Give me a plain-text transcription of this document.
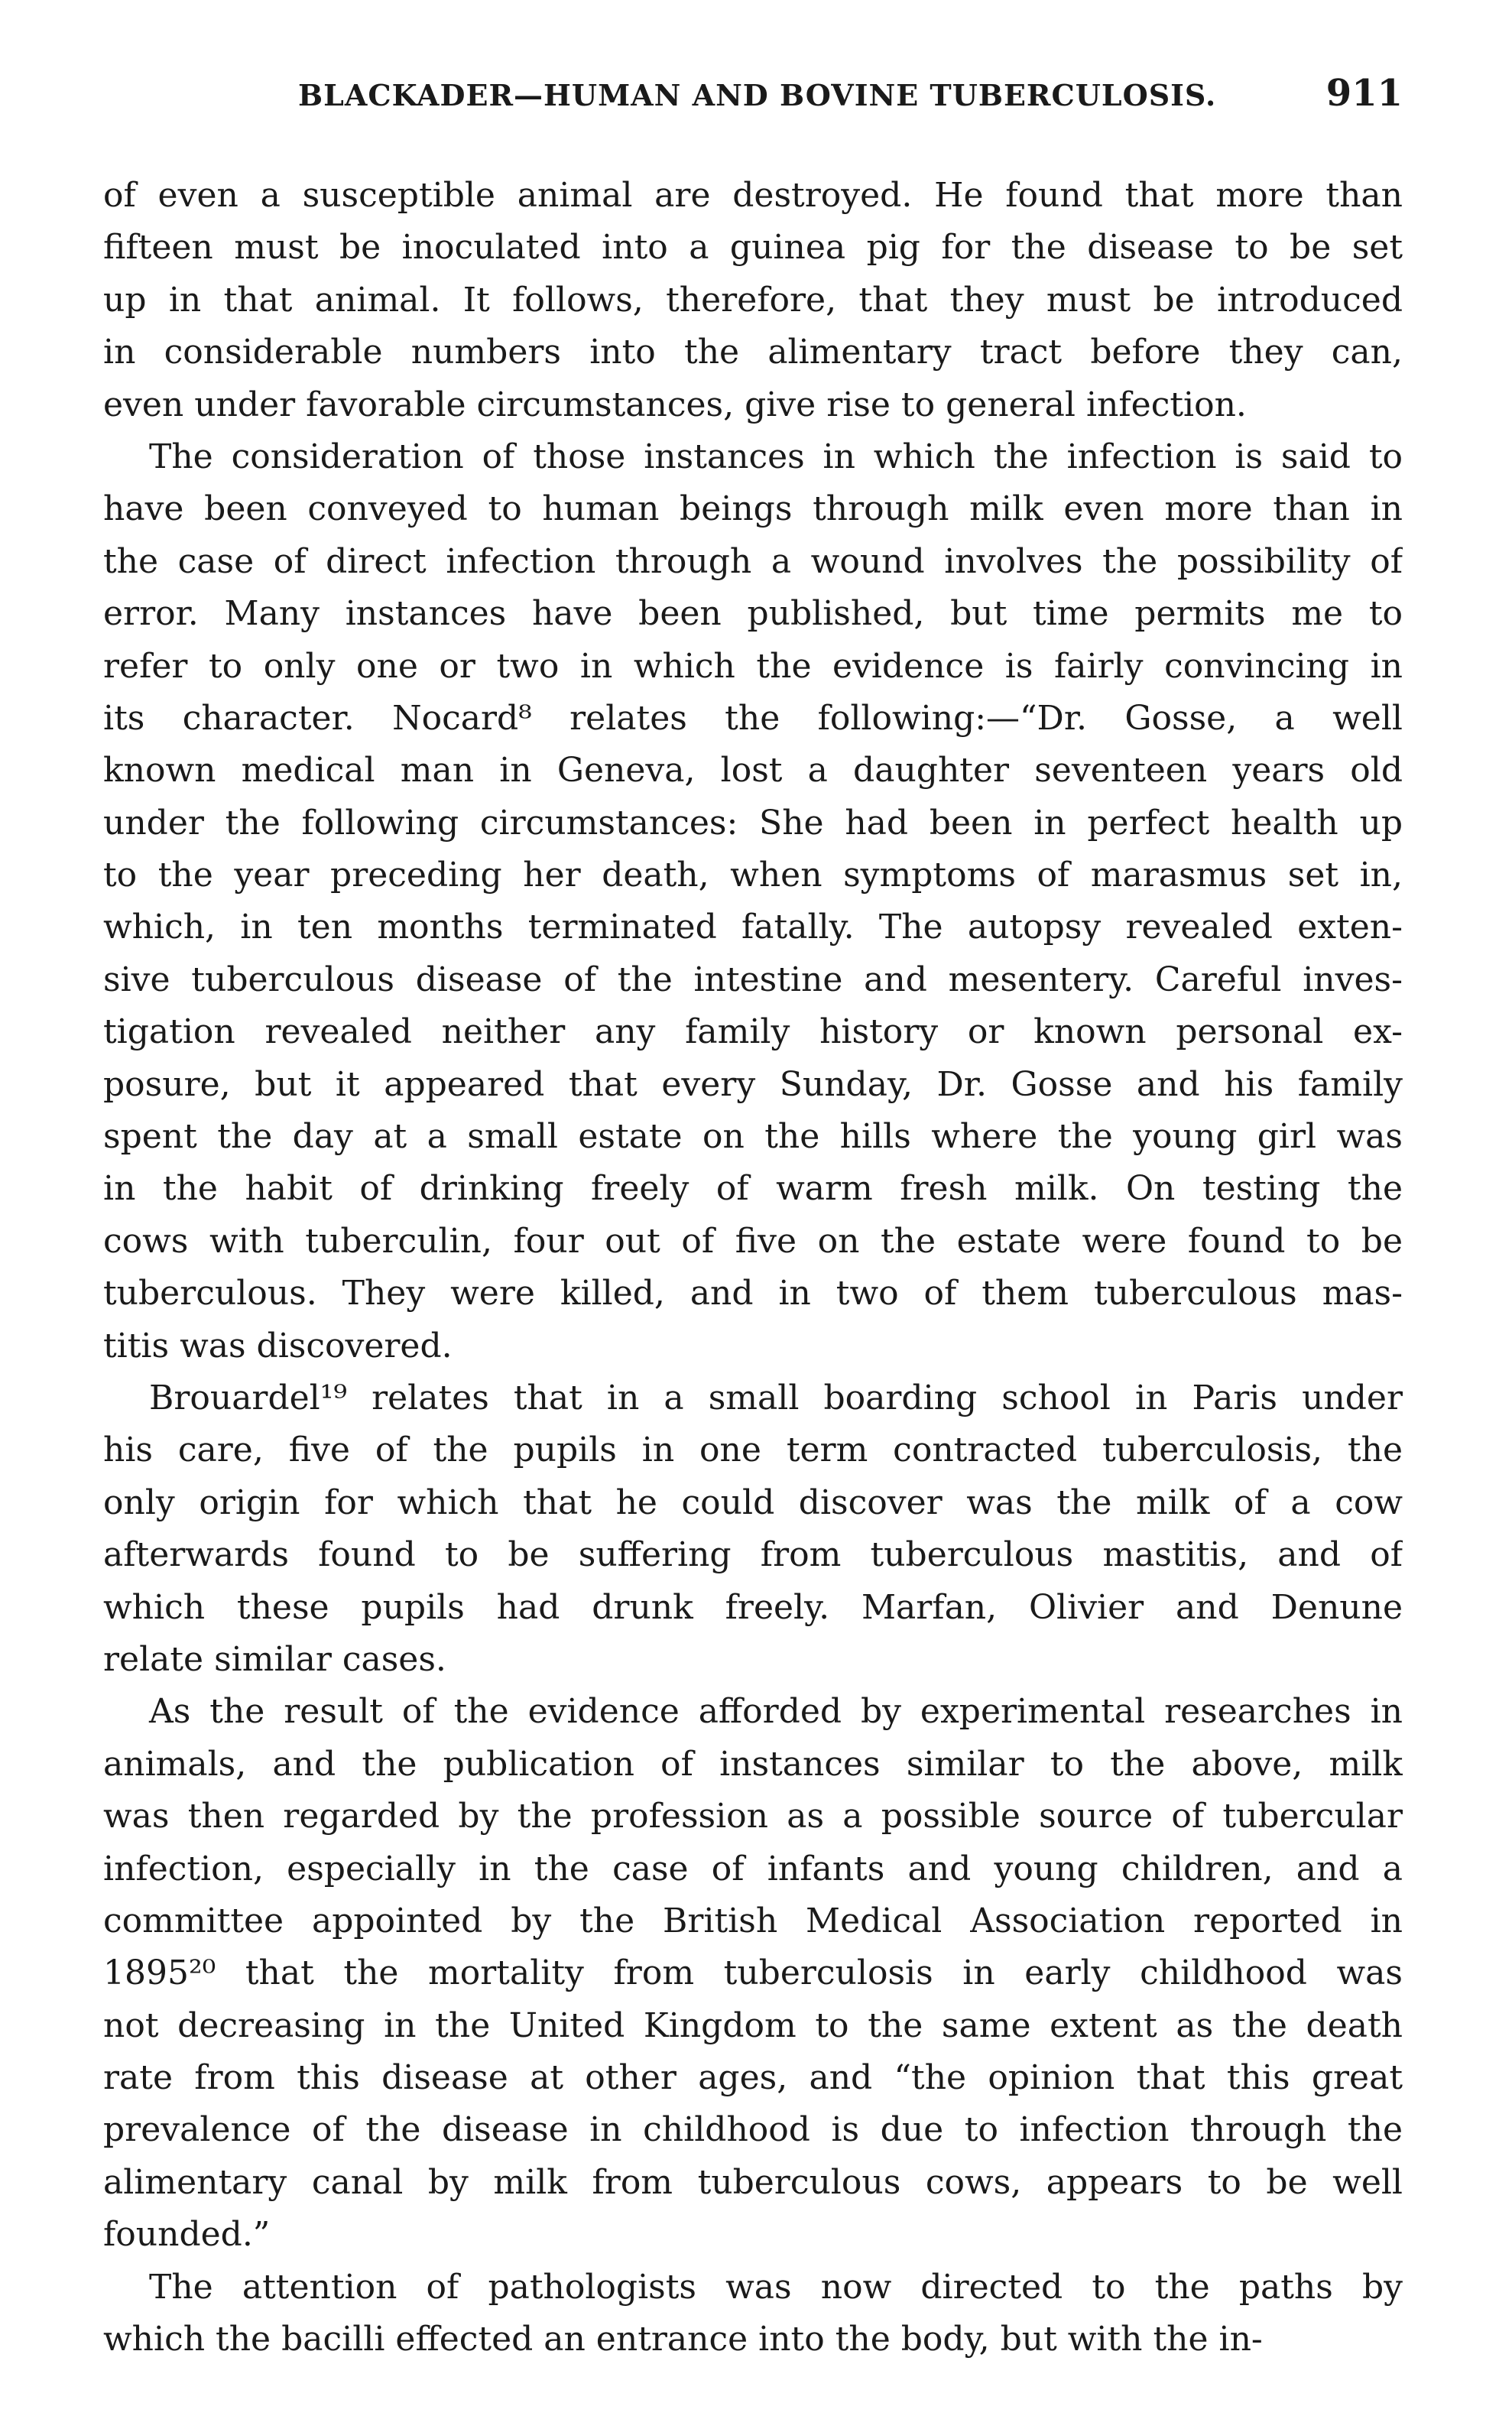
BLACKADER—HUMAN AND BOVINE TUBERCULOSIS.	911
of even a susceptible animal are destroyed. He found that more than
fifteen must be inoculated into a guinea pig for the disease to be set
up in that animal. It follows, therefore, that they must be introduced
in considerable numbers into the alimentary tract before they can,
even under favorable circumstances, give rise to general infection.
The consideration of those instances in which the infection is said to
have been conveyed to human beings through milk even more than in
the case of direct infection through a wound involves the possibility of
error. Many instances have been published, but time permits me to
refer to only one or two in which the evidence is fairly convincing in
its character. Nocard⁸ relates the following:—“Dr. Gosse, a well
known medical man in Geneva, lost a daughter seventeen years old
under the following circumstances: She had been in perfect health up
to the year preceding her death, when symptoms of marasmus set in,
which, in ten months terminated fatally. The autopsy revealed exten-
sive tuberculous disease of the intestine and mesentery. Careful inves-
tigation revealed neither any family history or known personal ex-
posure, but it appeared that every Sunday, Dr. Gosse and his family
spent the day at a small estate on the hills where the young girl was
in the habit of drinking freely of warm fresh milk. On testing the
cows with tuberculin, four out of five on the estate were found to be
tuberculous. They were killed, and in two of them tuberculous mas-
titis was discovered.
Brouardel¹⁹ relates that in a small boarding school in Paris under
his care, five of the pupils in one term contracted tuberculosis, the
only origin for which that he could discover was the milk of a cow
afterwards found to be suffering from tuberculous mastitis, and of
which these pupils had drunk freely. Marfan, Olivier and Denune
relate similar cases.
As the result of the evidence afforded by experimental researches in
animals, and the publication of instances similar to the above, milk
was then regarded by the profession as a possible source of tubercular
infection, especially in the case of infants and young children, and a
committee appointed by the British Medical Association reported in
1895²⁰ that the mortality from tuberculosis in early childhood was
not decreasing in the United Kingdom to the same extent as the death
rate from this disease at other ages, and “the opinion that this great
prevalence of the disease in childhood is due to infection through the
alimentary canal by milk from tuberculous cows, appears to be well
founded.”
The attention of pathologists was now directed to the paths by
which the bacilli effected an entrance into the body, but with the in-
